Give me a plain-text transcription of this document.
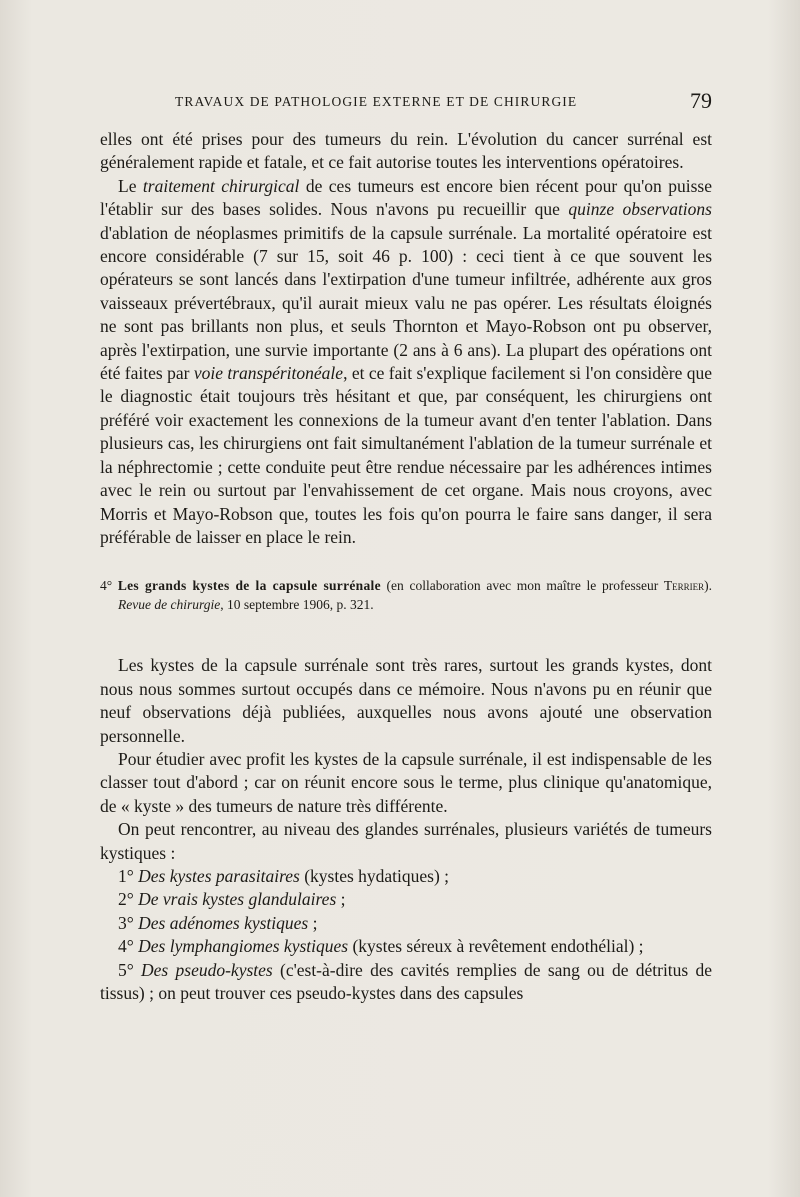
TRAVAUX DE PATHOLOGIE EXTERNE ET DE CHIRURGIE	79

elles ont été prises pour des tumeurs du rein. L'évolution du cancer surrénal est généralement rapide et fatale, et ce fait autorise toutes les interventions opératoires.

Le traitement chirurgical de ces tumeurs est encore bien récent pour qu'on puisse l'établir sur des bases solides. Nous n'avons pu recueillir que quinze observations d'ablation de néoplasmes primitifs de la capsule surrénale. La mortalité opératoire est encore considérable (7 sur 15, soit 46 p. 100) : ceci tient à ce que souvent les opérateurs se sont lancés dans l'extirpation d'une tumeur infiltrée, adhérente aux gros vaisseaux prévertébraux, qu'il aurait mieux valu ne pas opérer. Les résultats éloignés ne sont pas brillants non plus, et seuls Thornton et Mayo-Robson ont pu observer, après l'extirpation, une survie importante (2 ans à 6 ans). La plupart des opérations ont été faites par voie transpéritonéale, et ce fait s'explique facilement si l'on considère que le diagnostic était toujours très hésitant et que, par conséquent, les chirurgiens ont préféré voir exactement les connexions de la tumeur avant d'en tenter l'ablation. Dans plusieurs cas, les chirurgiens ont fait simultanément l'ablation de la tumeur surrénale et la néphrectomie ; cette conduite peut être rendue nécessaire par les adhérences intimes avec le rein ou surtout par l'envahissement de cet organe. Mais nous croyons, avec Morris et Mayo-Robson que, toutes les fois qu'on pourra le faire sans danger, il sera préférable de laisser en place le rein.

4° Les grands kystes de la capsule surrénale (en collaboration avec mon maître le professeur Terrier). Revue de chirurgie, 10 septembre 1906, p. 321.

Les kystes de la capsule surrénale sont très rares, surtout les grands kystes, dont nous nous sommes surtout occupés dans ce mémoire. Nous n'avons pu en réunir que neuf observations déjà publiées, auxquelles nous avons ajouté une observation personnelle.

Pour étudier avec profit les kystes de la capsule surrénale, il est indispensable de les classer tout d'abord ; car on réunit encore sous le terme, plus clinique qu'anatomique, de « kyste » des tumeurs de nature très différente.

On peut rencontrer, au niveau des glandes surrénales, plusieurs variétés de tumeurs kystiques :

1° Des kystes parasitaires (kystes hydatiques) ;

2° De vrais kystes glandulaires ;

3° Des adénomes kystiques ;

4° Des lymphangiomes kystiques (kystes séreux à revêtement endothélial) ;

5° Des pseudo-kystes (c'est-à-dire des cavités remplies de sang ou de détritus de tissus) ; on peut trouver ces pseudo-kystes dans des capsules
